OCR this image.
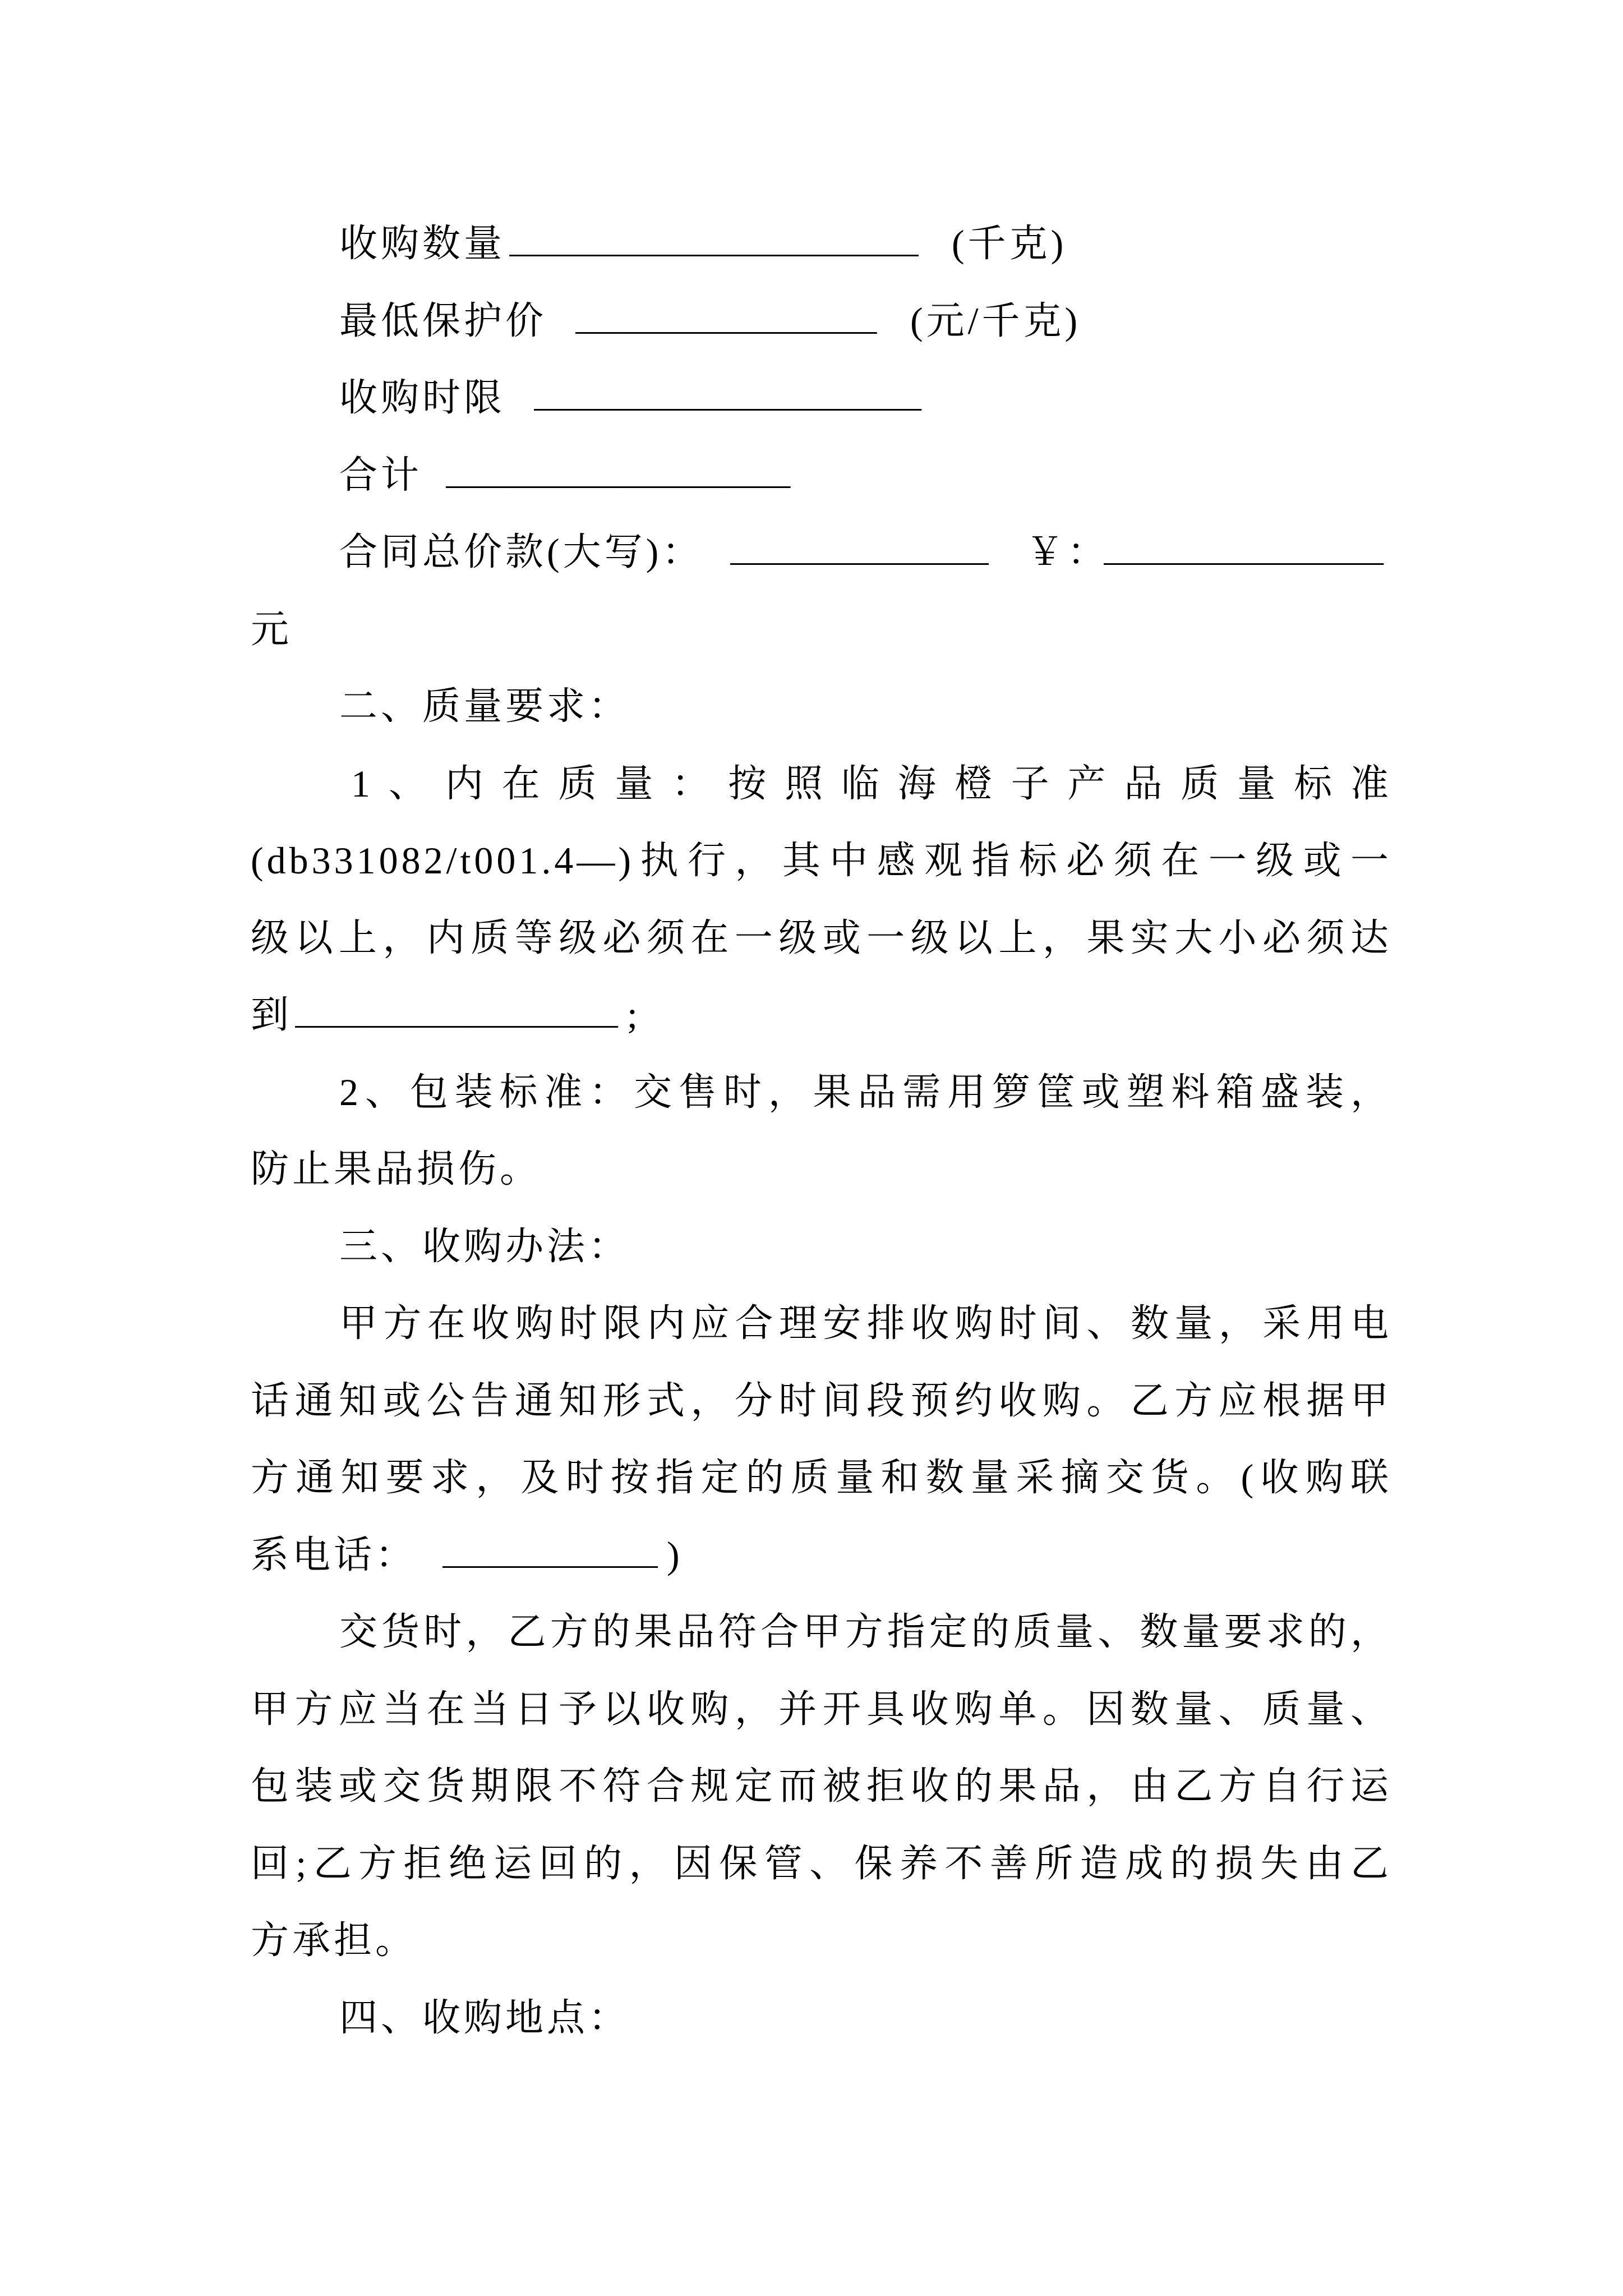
收购数量 ___________________ (千克)
最低保护价 ______________ (元/千克)
收购时限 __________________
合计 ________________
合同总价款(大写)： ____________ ￥：
_____________
元
二、质量要求：
1、内在质量：按照临海橙子产品质量标准
(db331082/t001.4—)执行，其中感观指标必须在一级或一
级以上，内质等级必须在一级或一级以上，果实大小必须达
到 _______________ ;
2、包装标准：交售时，果品需用箩筐或塑料箱盛装，
防止果品损伤。
三、收购办法：
甲方在收购时限内应合理安排收购时间、数量，采用电
话通知或公告通知形式，分时间段预约收购。乙方应根据甲
方通知要求，及时按指定的质量和数量采摘交货。(收购联
系电话： __________ )
交货时，乙方的果品符合甲方指定的质量、数量要求的，
甲方应当在当日予以收购，并开具收购单。因数量、质量、
包装或交货期限不符合规定而被拒收的果品，由乙方自行运
回;乙方拒绝运回的，因保管、保养不善所造成的损失由乙
方承担。
四、收购地点：
